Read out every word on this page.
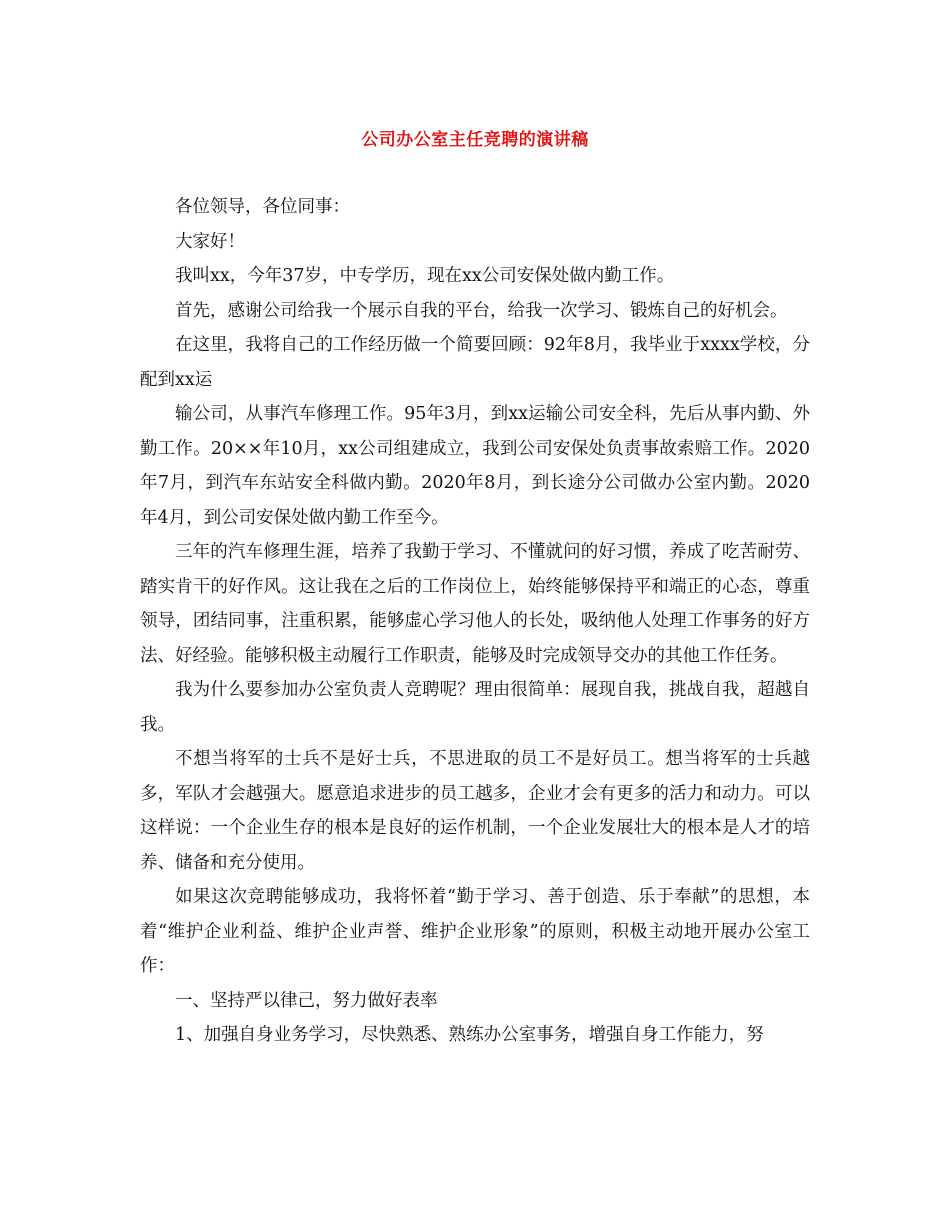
公司办公室主任竞聘的演讲稿

各位领导，各位同事：

大家好！

我叫xx，今年37岁，中专学历，现在xx公司安保处做内勤工作。

首先，感谢公司给我一个展示自我的平台，给我一次学习、锻炼自己的好机会。

在这里，我将自己的工作经历做一个简要回顾：92年8月，我毕业于xxxx学校，分配到xx运

输公司，从事汽车修理工作。95年3月，到xx运输公司安全科，先后从事内勤、外勤工作。20××年10月，xx公司组建成立，我到公司安保处负责事故索赔工作。2020年7月，到汽车东站安全科做内勤。2020年8月，到长途分公司做办公室内勤。2020年4月，到公司安保处做内勤工作至今。

三年的汽车修理生涯，培养了我勤于学习、不懂就问的好习惯，养成了吃苦耐劳、踏实肯干的好作风。这让我在之后的工作岗位上，始终能够保持平和端正的心态，尊重领导，团结同事，注重积累，能够虚心学习他人的长处，吸纳他人处理工作事务的好方法、好经验。能够积极主动履行工作职责，能够及时完成领导交办的其他工作任务。

我为什么要参加办公室负责人竞聘呢？理由很简单：展现自我，挑战自我，超越自我。

不想当将军的士兵不是好士兵，不思进取的员工不是好员工。想当将军的士兵越多，军队才会越强大。愿意追求进步的员工越多，企业才会有更多的活力和动力。可以这样说：一个企业生存的根本是良好的运作机制，一个企业发展壮大的根本是人才的培养、储备和充分使用。

如果这次竞聘能够成功，我将怀着“勤于学习、善于创造、乐于奉献”的思想，本着“维护企业利益、维护企业声誉、维护企业形象”的原则，积极主动地开展办公室工作：

一、坚持严以律己，努力做好表率

1、加强自身业务学习，尽快熟悉、熟练办公室事务，增强自身工作能力，努
